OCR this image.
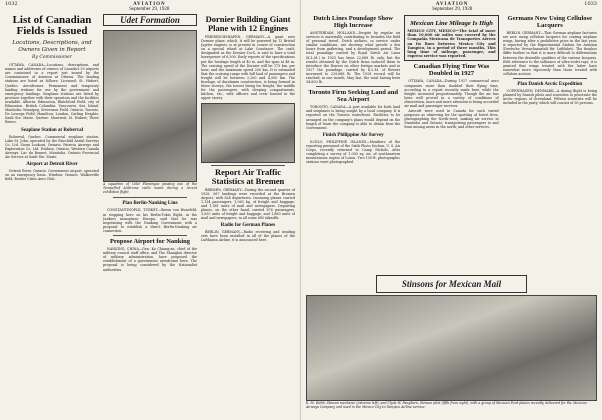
1032	AVIATION
September 29, 1928
List of Canadian Fields is Issued
Locations, Descriptions, and Owners Given in Report
By Commissioner

OTTAWA, CANADA—Locations, descriptions, and names and addresses of owners of Canada's 39 airports are contained in a report just issued by the Commissioner of Aviation at Ottawa. The landing stations are listed as follows: Licensed: St. Hubert, Quebec. Aerodromes. Permanent and temporary landing stations for use by the government and emergency landings. Seaplane stations are listed by province together with their operators and the facilities available. Alberta: Edmonton, Blatchford Field, city of Edmonton. British Columbia: Vancouver, Sea Island. Manitoba: Winnipeg, Stevenson Field. Ontario: Toronto, De Lesseps Field; Hamilton; London, Carling Heights; Sault Ste. Marie. Quebec: Montreal, St. Hubert; Three Rivers.

Seaplane Station at Roberval

Roberval, Quebec. Commercial seaplane station, Lake St. John, operated by the Fairchild Aerial Surveys Co. Ltd. Sioux Lookout, Ontario. Patricia Airways and Exploration Co. Ltd. Hudson, Ontario, Western Canada Airways. Lac du Bonnet, Manitoba. Ontario Provincial Air Service at Sault Ste. Marie.

Airport at Detroit River

Detroit River, Ontario. Government airport, operated on an emergency basis. Windsor, Ontario. Walkerville field, Border Cities Aero Club.

Udet Formation
A squadron of Udet Flamingos passing one of the Tempelhof Airdrome radio masts during a recent exhibition flight
Plan Berlin-Nanking Line

CONSTANTINOPLE, TURKEY—Baron von Hunefeld, in stopping here on his Berlin-Tokio flight, in the Junkers monoplane Europa, said that he was negotiating with the Nanking Government with a proposal to establish a direct Berlin-Nanking air connection.

Propose Airport for Nanking

NANKING, CHINA—Gen. Ko Chiang-an, chief of the military council staff office, and The Shanghai director of military administration, have proposed the establishment of a government aerodrome here. The proposal is being considered by the Nationalist authorities.

Dornier Building Giant Plane with 12 Engines

FRIEDRICHSHAFEN, GERMANY—A giant new Dornier plane, which, it will be powered by 12 Bristol Jupiter engines, is at present in course of construction on a special wharf at Lake Constance. The craft, designated as the Dornier Do-X, is said to have a total horsepower of 6,300. Early reports of the specifications put the fuselage length at 40 m. and the span at 48 m. The cruising speed of the Dornier will be 175 km. per hour, and the maximum speed 200 km. It is estimated that the cruising range with full load of passengers and freight will be between 2,200 and 4,500 km. The fuselage, of duralumin construction, is being formed in three storeys, the lowest being for freight, the middle for the passengers, with sleeping compartments, kitchen, etc., with officers and crew housed in the upper storey.

Report Air Traffic Statistics at Bremen

BREMEN, GERMANY—During the second quarter of 1928, 567 landings were recorded at the Bremen Airport, with 624 departures. Incoming planes carried 1,134 passengers, 1,063 kg. of freight and baggage, and 1,561 units of mail and newspapers. Departing planes, on the other hand, carried 876 passengers, 3,055 units of freight and baggage, and 1,880 units of mail and newspapers, in all some 685 takeoffs.

Radio for German Planes

BERLIN, GERMANY—Radio receiving and sending sets have been installed in all of the planes of the Lufthansa Airline, it is announced here.

AVIATION
September 29, 1928
1033
Dutch Lines Poundage Show High Increase

AMSTERDAM, HOLLAND—Despite by regular air services is materially contributing to broaden the field of personal travel. Dutch airlines, in service under similar conditions, are showing what growth a few hours from gathering, and a development period. The total poundage carried by Royal Dutch Air Lines (K.L.M.) in 1925 has been 22,688 lb. only, but the results obtained by the Dutch firms induced them to introduce the flowers on other foreign markets and in 1927 the poundage, carried by K.L.M. of flowers increased to 229,688 lb. The 1928 record will be reached, in one month, May last, the total having been 54,600 lb.

Toronto Firm Seeking Land and Sea Airport

TORONTO, CANADA—A port available for both land and seaplanes is being sought by a local company. It is reported on the Toronto waterfront. Facilities to be arranged on the company's plans would depend on the length of lease the company is able to obtain from the Government.

Finish Philippine Air Survey

ILOILO, PHILIPPINE ISLANDS—Members of the reporting personnel of the Sixth Photo Section, U. S. Air Corps, recently returned to Camp Nichols, after completing a survey of 1,000 sq. mi. of southeastern mountainous region of Luzon. Two 150-ft. photographic stations were photographed.

Mexican Line Mileage Is High
MEXICO CITY, MEXICO—The total of more than 10,000 air miles was covered by the Compañía Mexicana de Transportes Aéreos on its lines between Mexico City and Tampico, in a period of three months. This long time of mileage, passenger, and express service was reported.
Canadian Flying Time Was Doubled in 1927

OTTAWA, CANADA—During 1927 commercial aero companies more than doubled their flying time, according to a report recently made here, while the freight increased proportionately. Though the air has been well proved in a variety of conditions of observation, more and more attention is being accorded air mail and passenger services.

Aircraft were used in Canada for such varied purposes as observing for the spotting of forest fires, photographing the North-west; making air service in Manitoba and Ontario; transporting passengers to and from mining areas in the north; and other services.

Germans Now Using Cellulose Lacquers

BERLIN, GERMANY—That German airplane factories are now using cellulose lacquers for coating airplane wings, having after a prohibitive price in the last year, is reported by the Experimental Station for Aviation (Deutsche Versuchsanstalt für Luftfahrt). The finishes differ further in that it is more difficult to differentiate between the desirable qualities of the various lacquers. With reference to the influence of ultra-violet rays, it is granted that wings treated with the latter have somewhat more vigorously than those treated with cellulose acetate.

Plan Danish Arctic Expedition

COPENHAGEN, DENMARK—A daring flight is being planned by Danish pilots and scientists to penetrate the Arctic regions of Greenland. Fifteen scientists will be included in the party, which will consist of 30 persons.

Stinsons for Mexican Mail
E. M. Webb, Stinson mechanic (extreme left), and Clyde W. Pangborn, Stinson pilot (fifth from right), with a group of Mexican Ford planes recently delivered for the Mexican Airways Company and used in the Mexico City to Tampico Airline service.
